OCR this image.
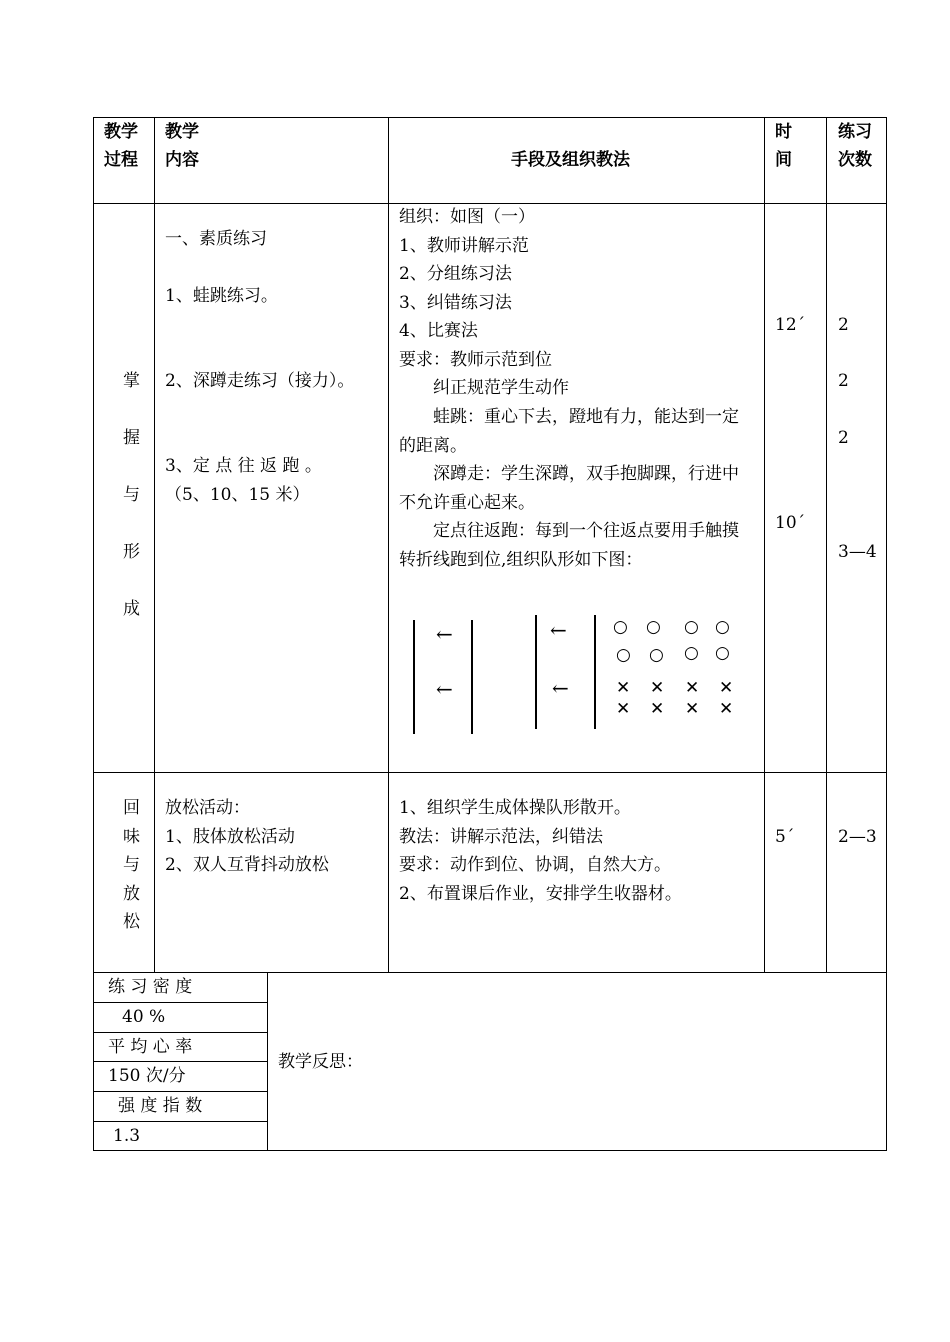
教学
过程
教学
内容	手段及组织教法
时
间
练习
次数
掌
握
与
形
成
一、素质练习
1、蛙跳练习。
2、深蹲走练习（接力）。
3、定 点 往 返 跑 。
（5、10、15 米）
组织：如图（一）
1、教师讲解示范
2、分组练习法
3、纠错练习法
4、比赛法
要求：教师示范到位
　　纠正规范学生动作
　　蛙跳：重心下去，蹬地有力，能达到一定的距离。
　　深蹲走：学生深蹲，双手抱脚踝，行进中不允许重心起来。
　　定点往返跑：每到一个往返点要用手触摸转折线跑到位,组织队形如下图：
←
←
←
←
○ ○ ○ ○
○ ○ ○ ○
✕ ✕ ✕ ✕
✕ ✕ ✕ ✕
12´
10´
2
2
2
3—4
回
味
与
放
松
放松活动：
1、肢体放松活动
2、双人互背抖动放松
1、组织学生成体操队形散开。
教法：讲解示范法，纠错法
要求：动作到位、协调，自然大方。
2、布置课后作业，安排学生收器材。
5´	2—3
练 习 密 度
40 %
平 均 心 率
150 次/分
强 度 指 数
1.3
教学反思：
